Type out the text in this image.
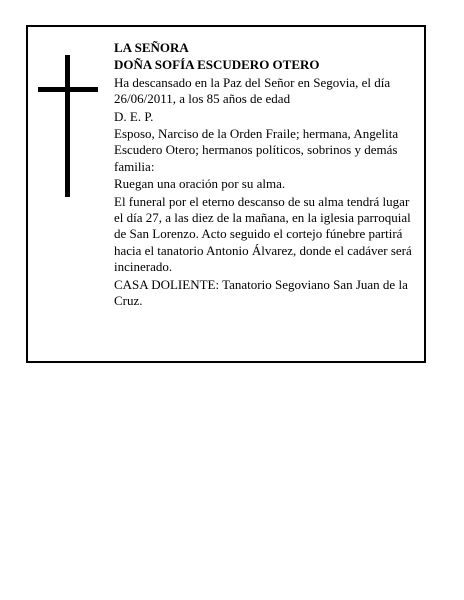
LA SEÑORA

DOÑA SOFÍA ESCUDERO OTERO

Ha descansado en la Paz del Señor en Segovia, el día 26/06/2011, a los 85 años de edad

D. E. P.

Esposo, Narciso de la Orden Fraile; hermana, Angelita Escudero Otero; hermanos políticos, sobrinos y demás familia:

Ruegan una oración por su alma.

El funeral por el eterno descanso de su alma tendrá lugar el día 27, a las diez de la mañana, en la iglesia parroquial de San Lorenzo. Acto seguido el cortejo fúnebre partirá hacia el tanatorio Antonio Álvarez, donde el cadáver será incinerado.

CASA DOLIENTE: Tanatorio Segoviano San Juan de la Cruz.
